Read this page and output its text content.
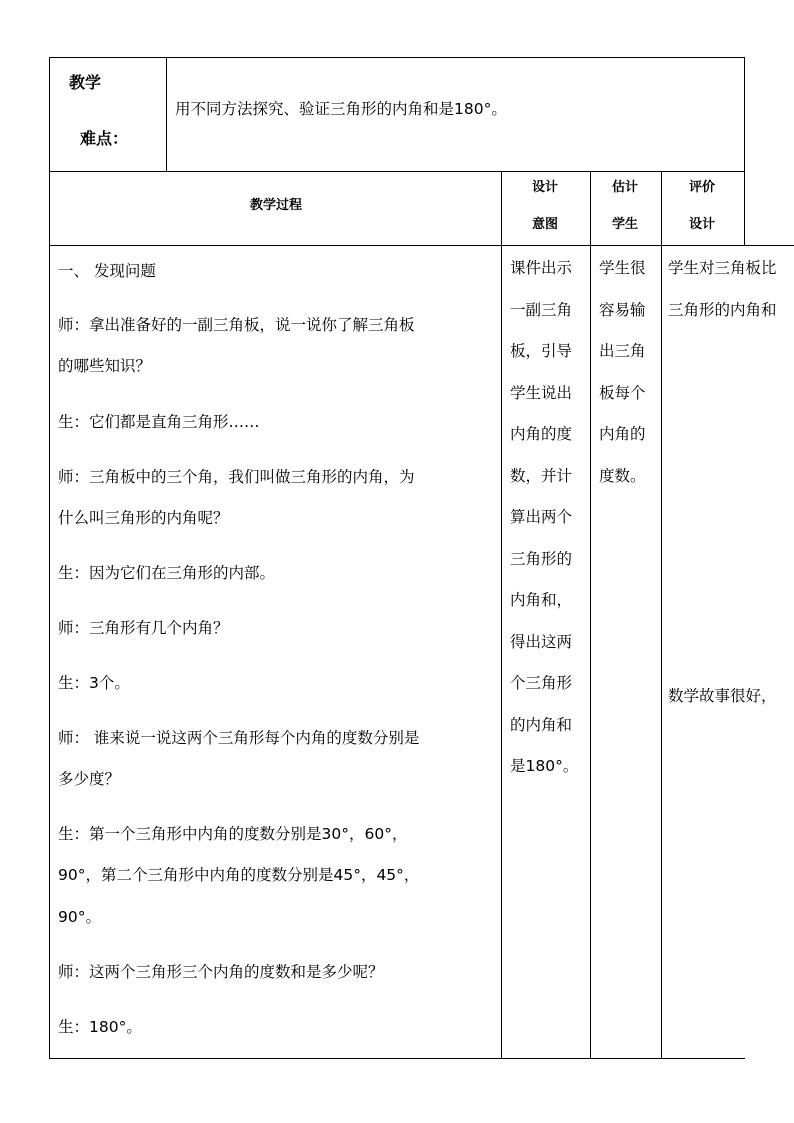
教学
难点：
用不同方法探究、验证三角形的内角和是180°。
教学过程
设计
意图
估计
学生
评价
设计

一、 发现问题

师：拿出准备好的一副三角板，说一说你了解三角板

的哪些知识？

生：它们都是直角三角形……

师：三角板中的三个角，我们叫做三角形的内角，为

什么叫三角形的内角呢？

生：因为它们在三角形的内部。

师：三角形有几个内角？

生：3个。

师： 谁来说一说这两个三角形每个内角的度数分别是

多少度？

生：第一个三角形中内角的度数分别是30°，60°，

90°，第二个三角形中内角的度数分别是45°，45°，

90°。

师：这两个三角形三个内角的度数和是多少呢？

生：180°。

课件出示
一副三角
板，引导
学生说出
内角的度
数，并计
算出两个
三角形的
内角和，
得出这两
个三角形
的内角和
是180°。
学生很
容易输
出三角
板每个
内角的
度数。
学生对三角板比
三角形的内角和
数学故事很好，
